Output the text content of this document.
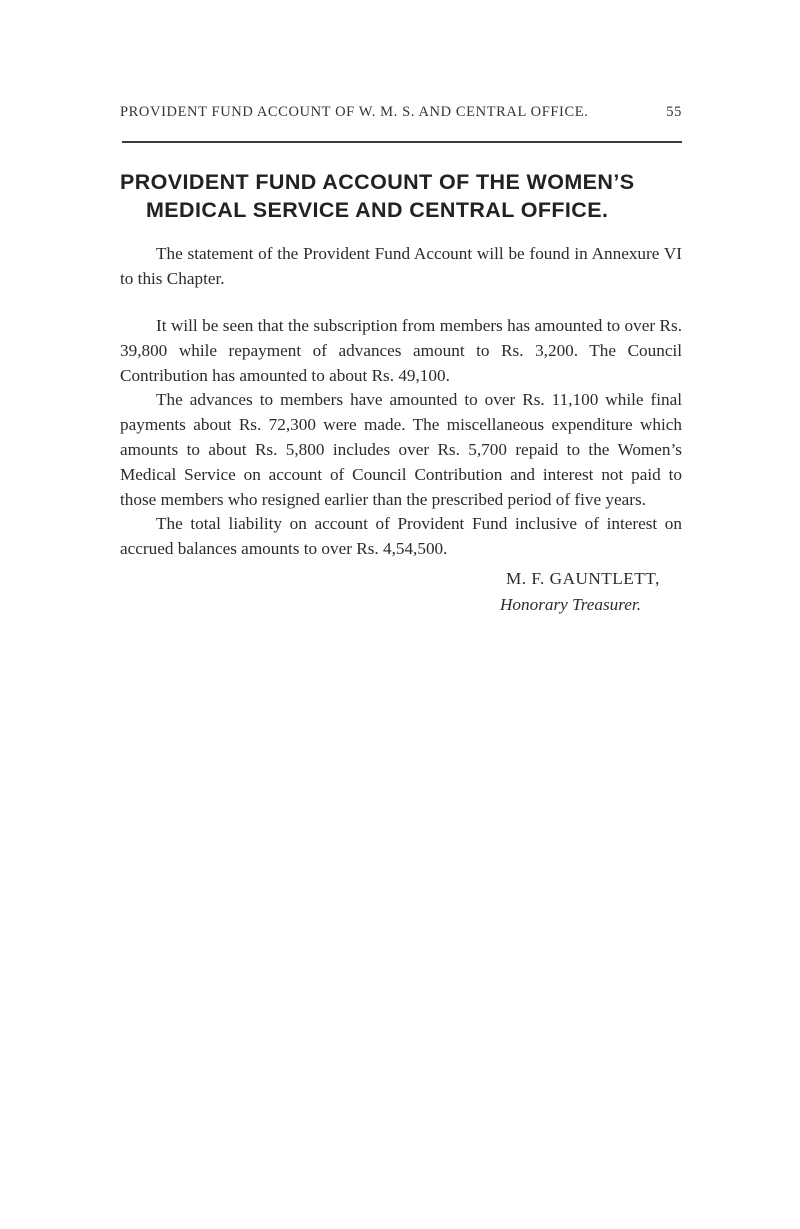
PROVIDENT FUND ACCOUNT OF W. M. S. AND CENTRAL OFFICE.	55
PROVIDENT FUND ACCOUNT OF THE WOMEN’S
MEDICAL SERVICE AND CENTRAL OFFICE.

The statement of the Provident Fund Account will be found in Annexure VI to this Chapter.

It will be seen that the subscription from members has amounted to over Rs. 39,800 while repayment of advances amount to Rs. 3,200. The Council Contribution has amounted to about Rs. 49,100.

The advances to members have amounted to over Rs. 11,100 while final payments about Rs. 72,300 were made. The miscellaneous expenditure which amounts to about Rs. 5,800 includes over Rs. 5,700 repaid to the Women’s Medical Service on account of Council Contribution and interest not paid to those members who resigned earlier than the prescribed period of five years.

The total liability on account of Provident Fund inclusive of interest on accrued balances amounts to over Rs. 4,54,500.

M. F. GAUNTLETT,
Honorary Treasurer.
